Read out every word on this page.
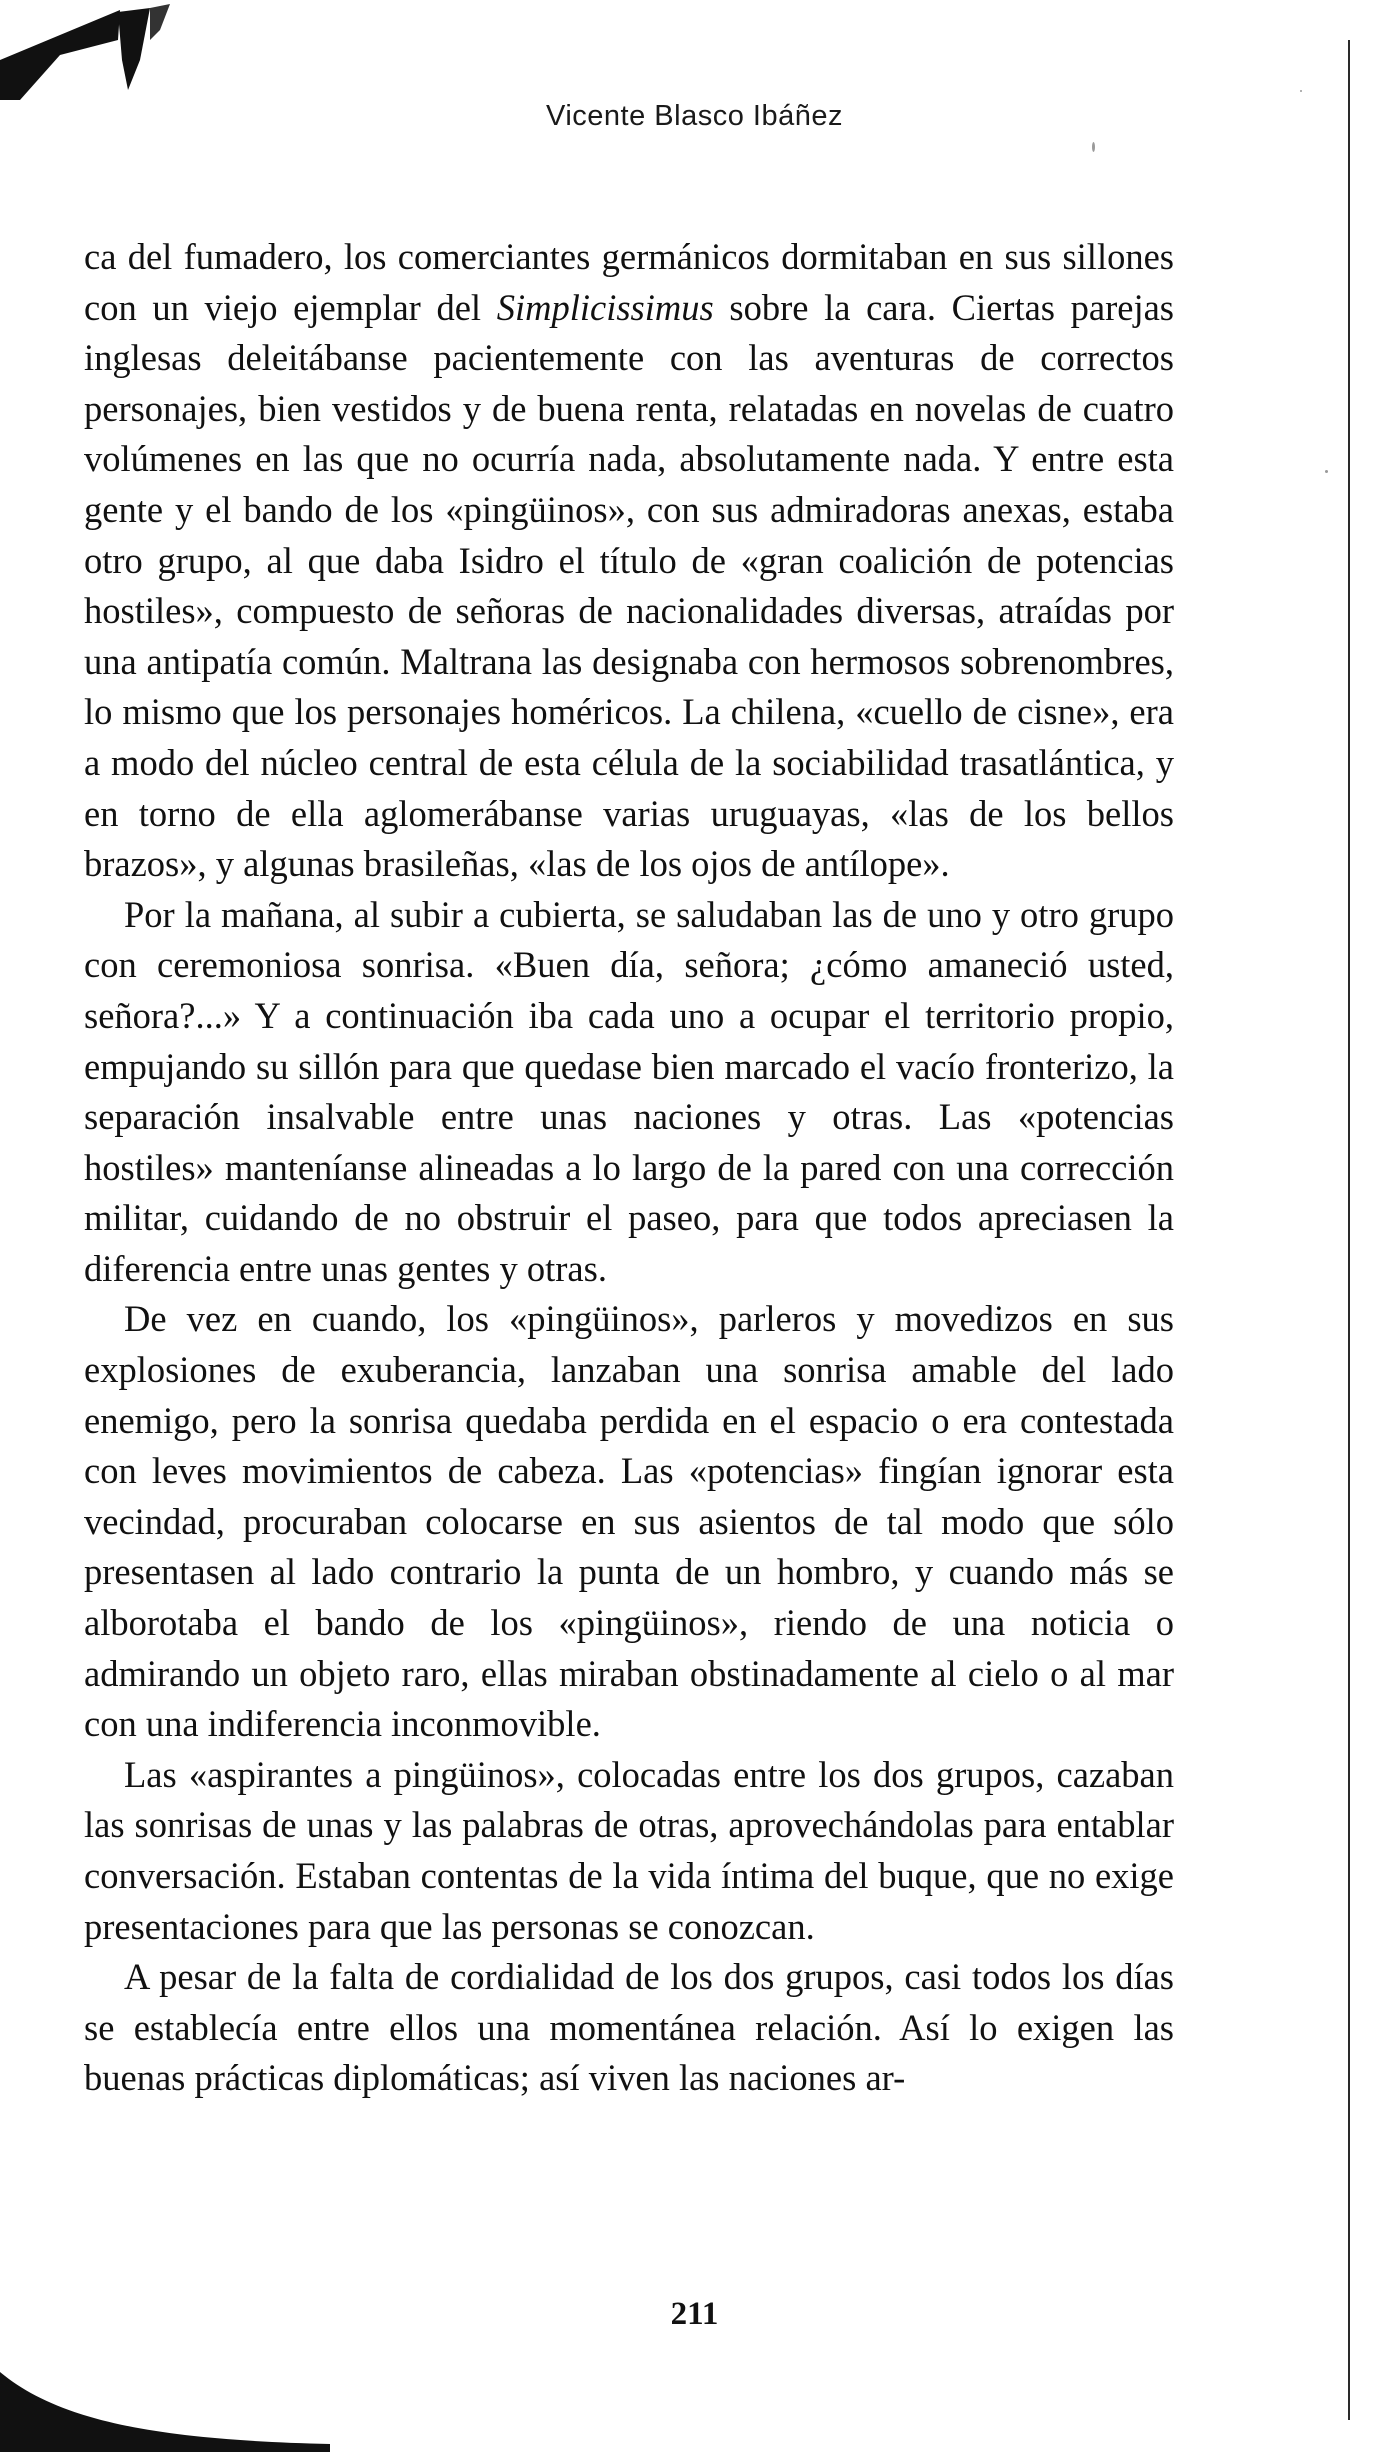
Vicente Blasco Ibáñez

ca del fumadero, los comerciantes germánicos dormitaban en sus sillones con un viejo ejemplar del Simplicissimus sobre la cara. Ciertas parejas inglesas deleitábanse pacientemente con las aventuras de correctos personajes, bien vestidos y de buena renta, relatadas en novelas de cuatro volúmenes en las que no ocurría nada, absolutamente nada. Y entre esta gente y el bando de los «pingüinos», con sus admiradoras anexas, estaba otro grupo, al que daba Isidro el título de «gran coalición de potencias hostiles», compuesto de señoras de nacionalidades diversas, atraídas por una antipatía común. Maltrana las designaba con hermosos sobrenombres, lo mismo que los personajes homéricos. La chilena, «cuello de cisne», era a modo del núcleo central de esta célula de la sociabilidad trasatlántica, y en torno de ella aglomerábanse varias uruguayas, «las de los bellos brazos», y algunas brasileñas, «las de los ojos de antílope».

Por la mañana, al subir a cubierta, se saludaban las de uno y otro grupo con ceremoniosa sonrisa. «Buen día, señora; ¿cómo amaneció usted, señora?...» Y a continuación iba cada uno a ocupar el territorio propio, empujando su sillón para que quedase bien marcado el vacío fronterizo, la separación insalvable entre unas naciones y otras. Las «potencias hostiles» manteníanse alineadas a lo largo de la pared con una corrección militar, cuidando de no obstruir el paseo, para que todos apreciasen la diferencia entre unas gentes y otras.

De vez en cuando, los «pingüinos», parleros y movedizos en sus explosiones de exuberancia, lanzaban una sonrisa amable del lado enemigo, pero la sonrisa quedaba perdida en el espacio o era contestada con leves movimientos de cabeza. Las «potencias» fingían ignorar esta vecindad, procuraban colocarse en sus asientos de tal modo que sólo presentasen al lado contrario la punta de un hombro, y cuando más se alborotaba el bando de los «pingüinos», riendo de una noticia o admirando un objeto raro, ellas miraban obstinadamente al cielo o al mar con una indiferencia inconmovible.

Las «aspirantes a pingüinos», colocadas entre los dos grupos, cazaban las sonrisas de unas y las palabras de otras, aprovechándolas para entablar conversación. Estaban contentas de la vida íntima del buque, que no exige presentaciones para que las personas se conozcan.

A pesar de la falta de cordialidad de los dos grupos, casi todos los días se establecía entre ellos una momentánea relación. Así lo exigen las buenas prácticas diplomáticas; así viven las naciones ar-

211
